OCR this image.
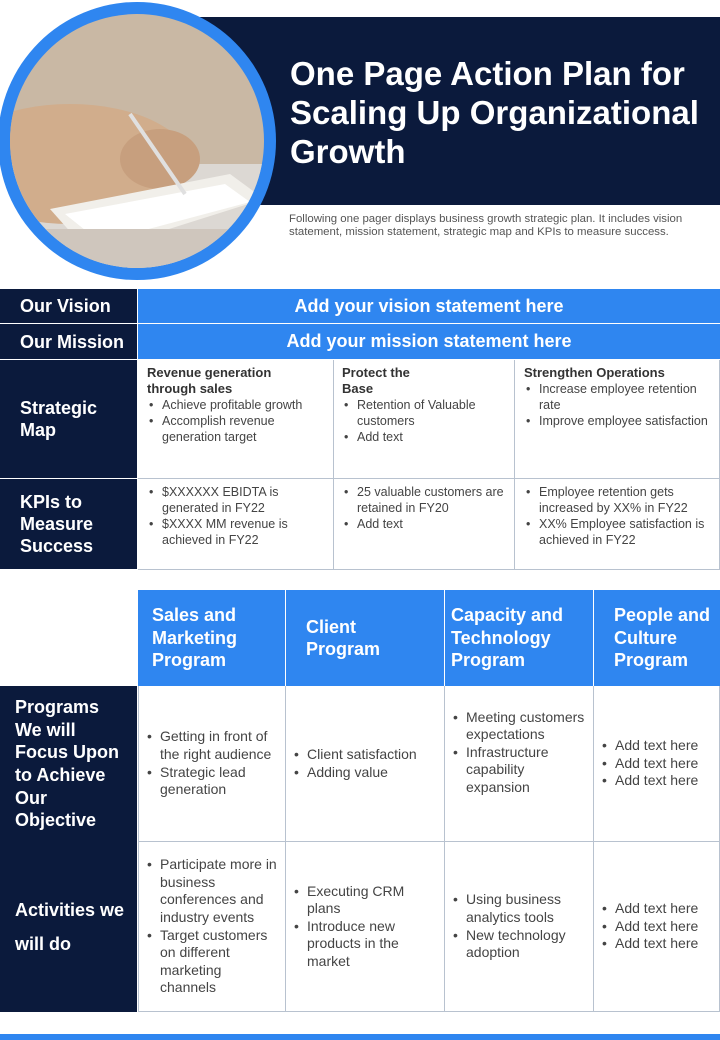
One Page Action Plan for Scaling Up Organizational Growth
Following one pager displays business growth strategic plan. It includes vision statement, mission statement, strategic map and KPIs to measure success.
Our Vision	Add your vision statement here
Our Mission	Add your mission statement here
Strategic Map
Revenue generation through sales
• Achieve profitable growth
• Accomplish revenue generation target
Protect the Base
• Retention of Valuable customers
• Add text
Strengthen Operations
• Increase employee retention rate
• Improve employee satisfaction
KPIs to Measure Success
• $XXXXXX EBIDTA is generated in FY22
• $XXXX MM revenue is achieved in FY22
• 25 valuable customers are retained in FY20
• Add text
• Employee retention gets increased by XX% in FY22
• XX% Employee satisfaction is achieved in FY22
Sales and Marketing Program
Client Program
Capacity and Technology Program
People and Culture Program
Programs We will Focus Upon to Achieve Our Objective
• Getting in front of the right audience
• Strategic lead generation
• Client satisfaction
• Adding value
• Meeting customers expectations
• Infrastructure capability expansion
• Add text here
• Add text here
• Add text here
Activities we will do
• Participate more in business conferences and industry events
• Target customers on different marketing channels
• Executing CRM plans
• Introduce new products in the market
• Using business analytics tools
• New technology adoption
• Add text here
• Add text here
• Add text here
